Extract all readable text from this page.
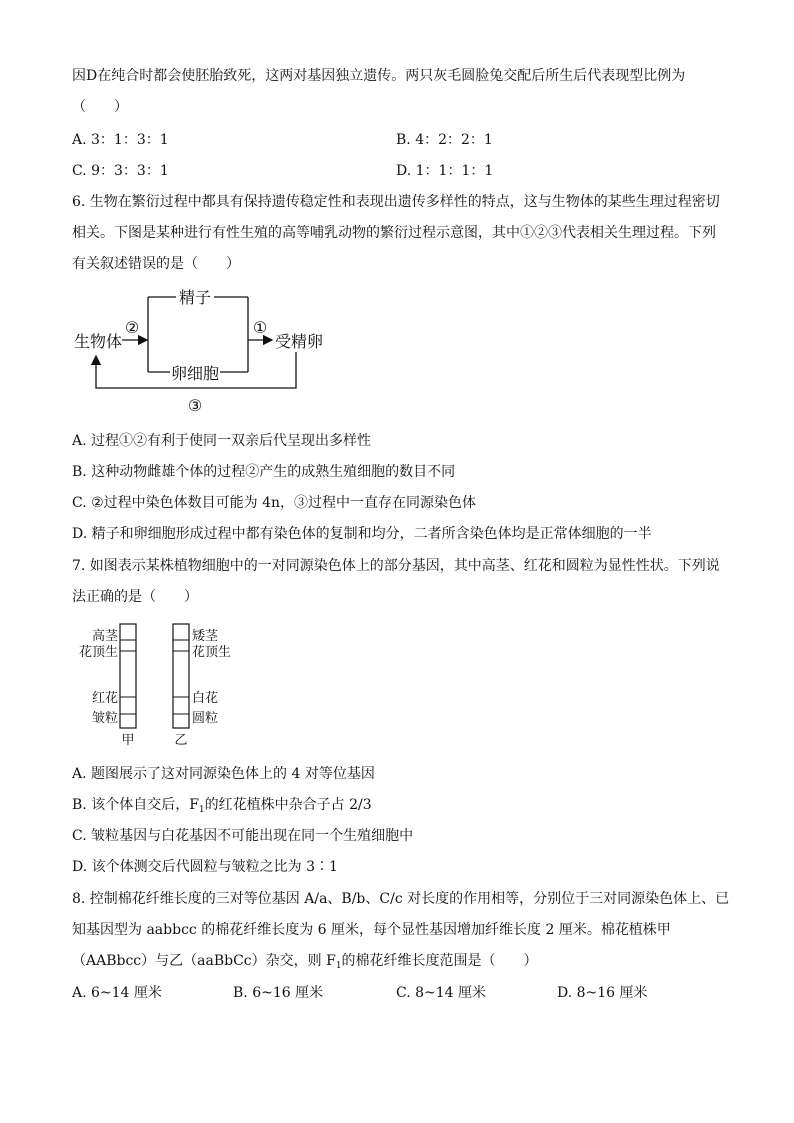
因D在纯合时都会使胚胎致死，这两对基因独立遗传。两只灰毛圆脸兔交配后所生后代表现型比例为
（　　）
A. 3：1：3：1	B. 4：2：2：1
C. 9：3：3：1	D. 1：1：1：1
6. 生物在繁衍过程中都具有保持遗传稳定性和表现出遗传多样性的特点，这与生物体的某些生理过程密切
相关。下图是某种进行有性生殖的高等哺乳动物的繁衍过程示意图，其中①②③代表相关生理过程。下列
有关叙述错误的是（　　）
生物体
精子
卵细胞
受精卵
②	①
③
A. 过程①②有利于使同一双亲后代呈现出多样性
B. 这种动物雌雄个体的过程②产生的成熟生殖细胞的数目不同
C. ②过程中染色体数目可能为 4n，③过程中一直存在同源染色体
D. 精子和卵细胞形成过程中都有染色体的复制和均分，二者所含染色体均是正常体细胞的一半
7. 如图表示某株植物细胞中的一对同源染色体上的部分基因，其中高茎、红花和圆粒为显性性状。下列说
法正确的是（　　）
高茎
花顶生
红花
皱粒
矮茎
花顶生
白花
圆粒
甲	乙
A. 题图展示了这对同源染色体上的 4 对等位基因
B. 该个体自交后，$F_1$的红花植株中杂合子占 2/3
C. 皱粒基因与白花基因不可能出现在同一个生殖细胞中
D. 该个体测交后代圆粒与皱粒之比为 3∶1
8. 控制棉花纤维长度的三对等位基因 A/a、B/b、C/c 对长度的作用相等，分别位于三对同源染色体上、已
知基因型为 aabbcc 的棉花纤维长度为 6 厘米，每个显性基因增加纤维长度 2 厘米。棉花植株甲
（AABbcc）与乙（aaBbCc）杂交，则 $F_1$的棉花纤维长度范围是（　　）
A. 6~14 厘米	B. 6~16 厘米	C. 8~14 厘米	D. 8~16 厘米
